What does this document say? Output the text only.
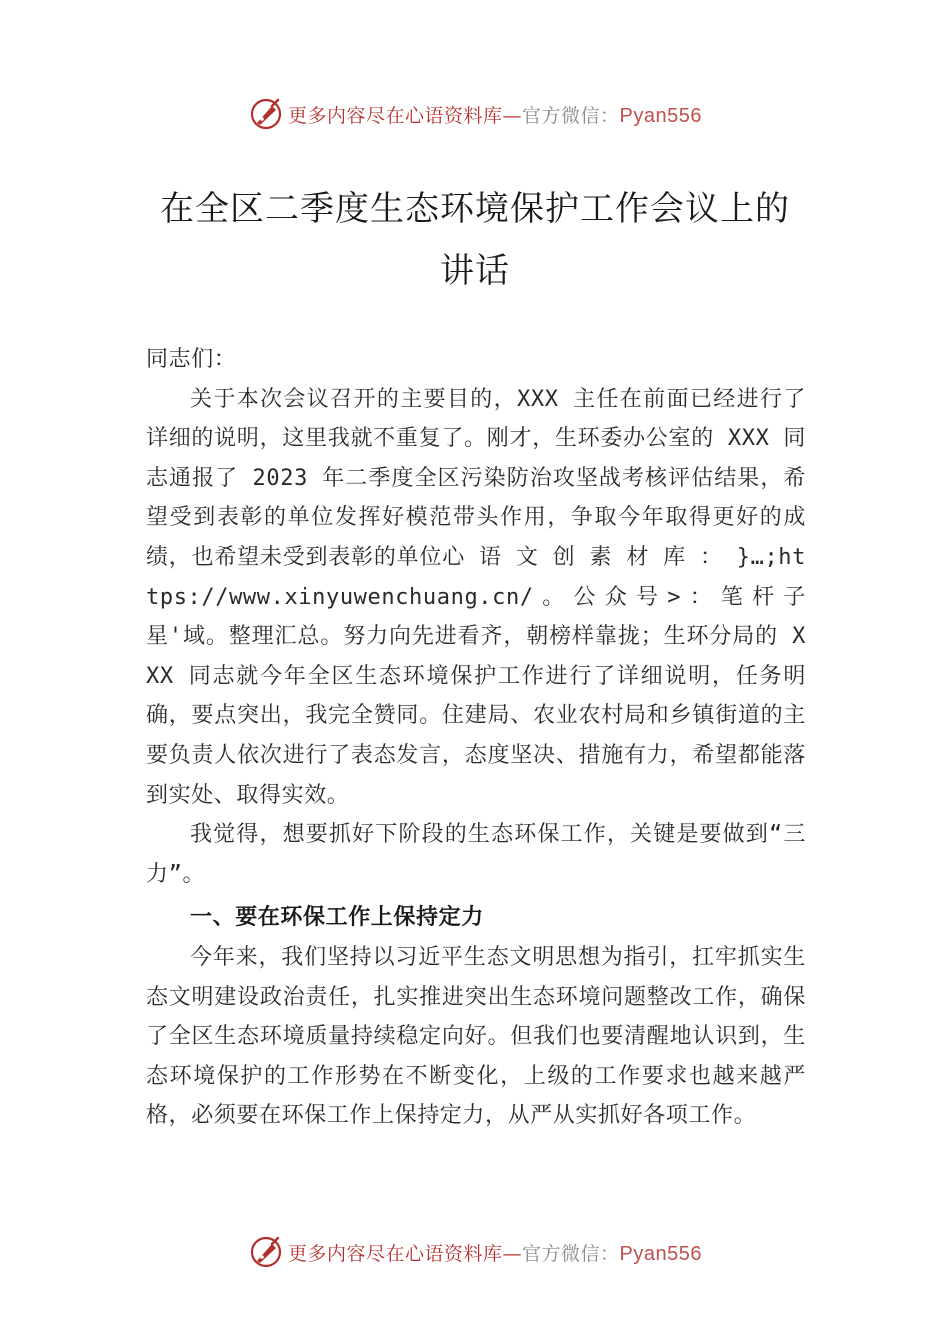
更多内容尽在心语资料库—官方微信：Pyan556
在全区二季度生态环境保护工作会议上的
讲话

同志们：

关于本次会议召开的主要目的，XXX 主任在前面已经进行了详细的说明，这里我就不重复了。刚才，生环委办公室的 XXX 同志通报了 2023 年二季度全区污染防治攻坚战考核评估结果，希望受到表彰的单位发挥好模范带头作用，争取今年取得更好的成绩，也希望未受到表彰的单位心 语 文 创 素 材 库 ： }…;https://www.xinyuwenchuang.cn/。公众号>：笔杆子星'域。整理汇总。努力向先进看齐，朝榜样靠拢；生环分局的 XXX 同志就今年全区生态环境保护工作进行了详细说明，任务明确，要点突出，我完全赞同。住建局、农业农村局和乡镇街道的主要负责人依次进行了表态发言，态度坚决、措施有力，希望都能落到实处、取得实效。

我觉得，想要抓好下阶段的生态环保工作，关键是要做到“三力”。

一、要在环保工作上保持定力

今年来，我们坚持以习近平生态文明思想为指引，扛牢抓实生态文明建设政治责任，扎实推进突出生态环境问题整改工作，确保了全区生态环境质量持续稳定向好。但我们也要清醒地认识到，生态环境保护的工作形势在不断变化，上级的工作要求也越来越严格，必须要在环保工作上保持定力，从严从实抓好各项工作。

更多内容尽在心语资料库—官方微信：Pyan556
